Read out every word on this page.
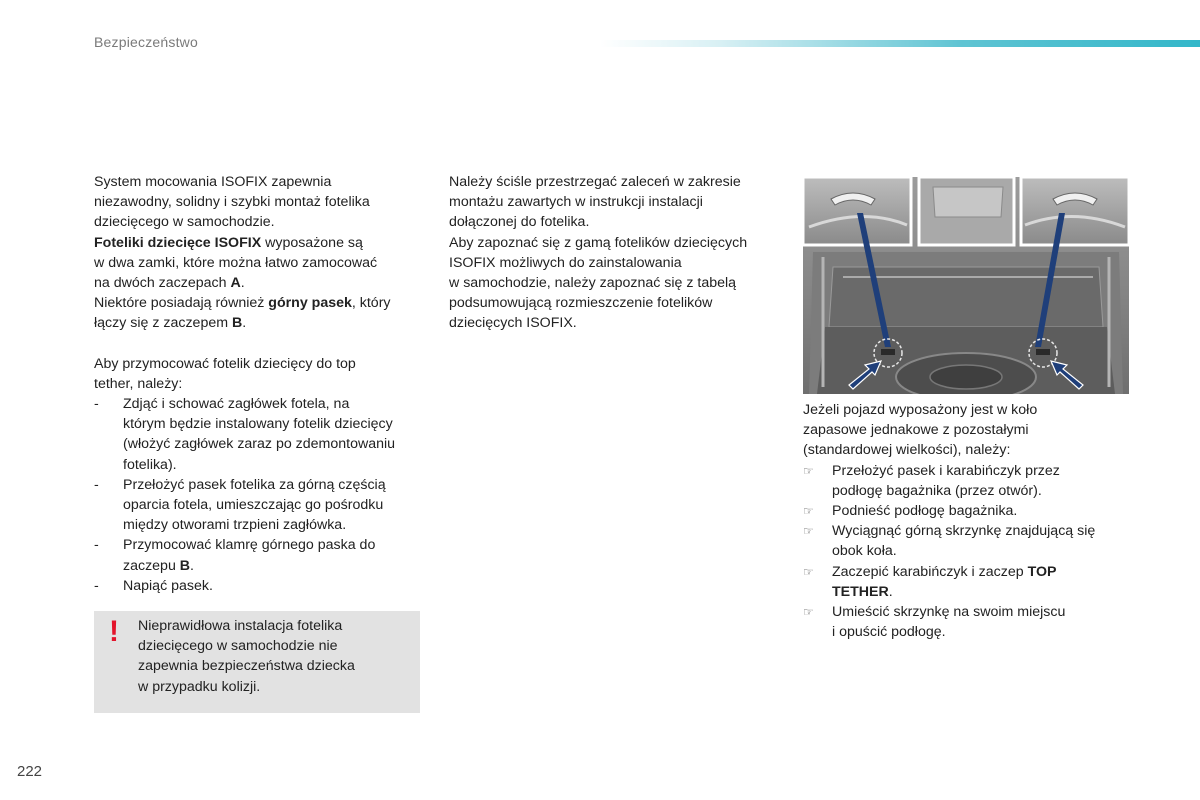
Bezpieczeństwo

System mocowania ISOFIX zapewnia

niezawodny, solidny i szybki montaż fotelika

dziecięcego w samochodzie.

Foteliki dziecięce ISOFIX wyposażone są

w dwa zamki, które można łatwo zamocować

na dwóch zaczepach A.

Niektóre posiadają również górny pasek, który

łączy się z zaczepem B.

Aby przymocować fotelik dziecięcy do top

tether, należy:

-	Zdjąć i schować zagłówek fotela, na

którym będzie instalowany fotelik dziecięcy

(włożyć zagłówek zaraz po zdemontowaniu

fotelika).

-	Przełożyć pasek fotelika za górną częścią

oparcia fotela, umieszczając go pośrodku

między otworami trzpieni zagłówka.

-	Przymocować klamrę górnego paska do

zaczepu B.

-	Napiąć pasek.

! Nieprawidłowa instalacja fotelika

dziecięcego w samochodzie nie

zapewnia bezpieczeństwa dziecka

w przypadku kolizji.

Należy ściśle przestrzegać zaleceń w zakresie

montażu zawartych w instrukcji instalacji

dołączonej do fotelika.

Aby zapoznać się z gamą fotelików dziecięcych

ISOFIX możliwych do zainstalowania

w samochodzie, należy zapoznać się z tabelą

podsumowującą rozmieszczenie fotelików

dziecięcych ISOFIX.

Jeżeli pojazd wyposażony jest w koło

zapasowe jednakowe z pozostałymi

(standardowej wielkości), należy:

☞	Przełożyć pasek i karabińczyk przez

podłogę bagażnika (przez otwór).

☞	Podnieść podłogę bagażnika.

☞	Wyciągnąć górną skrzynkę znajdującą się

obok koła.

☞	Zaczepić karabińczyk i zaczep TOP

TETHER.

☞	Umieścić skrzynkę na swoim miejscu

i opuścić podłogę.

222
